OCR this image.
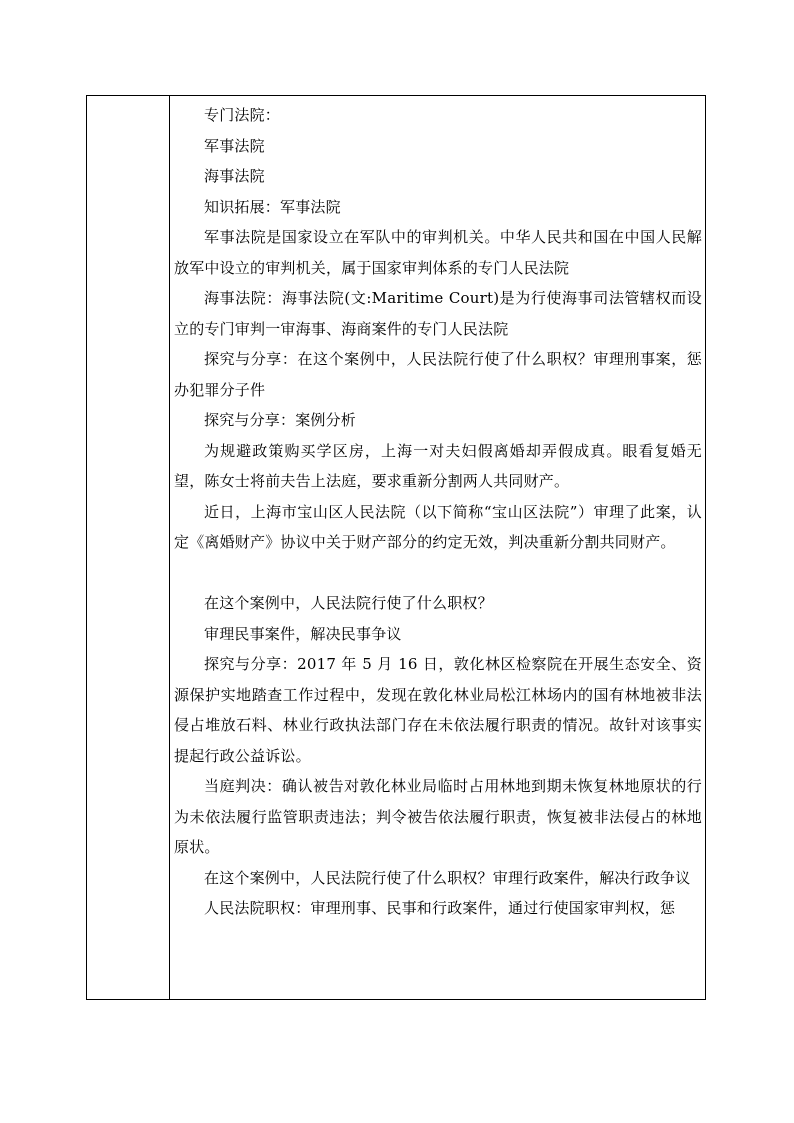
专门法院：

军事法院

海事法院

知识拓展：军事法院

军事法院是国家设立在军队中的审判机关。中华人民共和国在中国人民解放军中设立的审判机关，属于国家审判体系的专门人民法院

海事法院：海事法院(文:Maritime Court)是为行使海事司法管辖权而设立的专门审判一审海事、海商案件的专门人民法院

探究与分享：在这个案例中，人民法院行使了什么职权？审理刑事案，惩办犯罪分子件

探究与分享：案例分析

为规避政策购买学区房，上海一对夫妇假离婚却弄假成真。眼看复婚无望，陈女士将前夫告上法庭，要求重新分割两人共同财产。

近日，上海市宝山区人民法院（以下简称“宝山区法院”）审理了此案，认定《离婚财产》协议中关于财产部分的约定无效，判决重新分割共同财产。

在这个案例中，人民法院行使了什么职权？

审理民事案件，解决民事争议

探究与分享：2017 年 5 月 16 日，敦化林区检察院在开展生态安全、资源保护实地踏查工作过程中，发现在敦化林业局松江林场内的国有林地被非法侵占堆放石料、林业行政执法部门存在未依法履行职责的情况。故针对该事实提起行政公益诉讼。

当庭判决：确认被告对敦化林业局临时占用林地到期未恢复林地原状的行为未依法履行监管职责违法；判令被告依法履行职责，恢复被非法侵占的林地原状。

在这个案例中，人民法院行使了什么职权？审理行政案件，解决行政争议

人民法院职权：审理刑事、民事和行政案件，通过行使国家审判权，惩
